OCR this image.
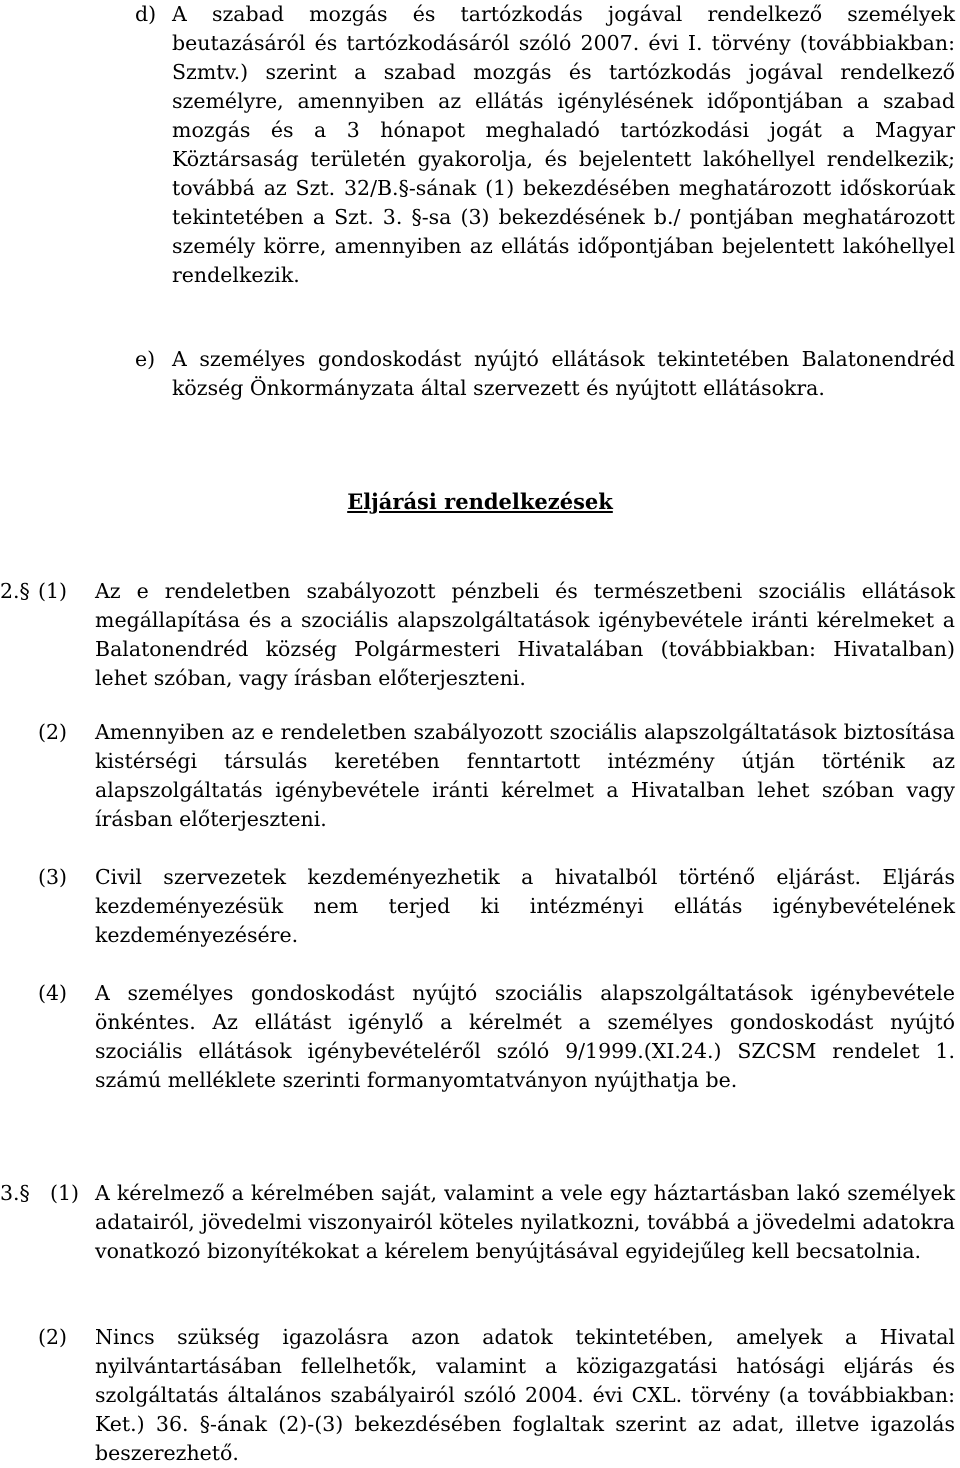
d) A szabad mozgás és tartózkodás jogával rendelkező személyek beutazásáról és tartózkodásáról szóló 2007. évi I. törvény (továbbiakban: Szmtv.) szerint a szabad mozgás és tartózkodás jogával rendelkező személyre, amennyiben az ellátás igénylésének időpontjában a szabad mozgás és a 3 hónapot meghaladó tartózkodási jogát a Magyar Köztársaság területén gyakorolja, és bejelentett lakóhellyel rendelkezik; továbbá az Szt. 32/B.§-sának (1) bekezdésében meghatározott időskorúak tekintetében a Szt. 3. §-sa (3) bekezdésének b./ pontjában meghatározott személy körre, amennyiben az ellátás időpontjában bejelentett lakóhellyel rendelkezik.
e) A személyes gondoskodást nyújtó ellátások tekintetében Balatonendréd község Önkormányzata által szervezett és nyújtott ellátásokra.
Eljárási rendelkezések
2.§ (1) Az e rendeletben szabályozott pénzbeli és természetbeni szociális ellátások megállapítása és a szociális alapszolgáltatások igénybevétele iránti kérelmeket a Balatonendréd község Polgármesteri Hivatalában (továbbiakban: Hivatalban) lehet szóban, vagy írásban előterjeszteni.
(2) Amennyiben az e rendeletben szabályozott szociális alapszolgáltatások biztosítása kistérségi társulás keretében fenntartott intézmény útján történik az alapszolgáltatás igénybevétele iránti kérelmet a Hivatalban lehet szóban vagy írásban előterjeszteni.
(3) Civil szervezetek kezdeményezhetik a hivatalból történő eljárást. Eljárás kezdeményezésük nem terjed ki intézményi ellátás igénybevételének kezdeményezésére.
(4) A személyes gondoskodást nyújtó szociális alapszolgáltatások igénybevétele önkéntes. Az ellátást igénylő a kérelmét a személyes gondoskodást nyújtó szociális ellátások igénybevételéről szóló 9/1999.(XI.24.) SZCSM rendelet 1. számú melléklete szerinti formanyomtatványon nyújthatja be.
3.§ (1) A kérelmező a kérelmében saját, valamint a vele egy háztartásban lakó személyek adatairól, jövedelmi viszonyairól köteles nyilatkozni, továbbá a jövedelmi adatokra vonatkozó bizonyítékokat a kérelem benyújtásával egyidejűleg kell becsatolnia.
(2) Nincs szükség igazolásra azon adatok tekintetében, amelyek a Hivatal nyilvántartásában fellelhetők, valamint a közigazgatási hatósági eljárás és szolgáltatás általános szabályairól szóló 2004. évi CXL. törvény (a továbbiakban: Ket.) 36. §-ának (2)-(3) bekezdésében foglaltak szerint az adat, illetve igazolás beszerezhető.
